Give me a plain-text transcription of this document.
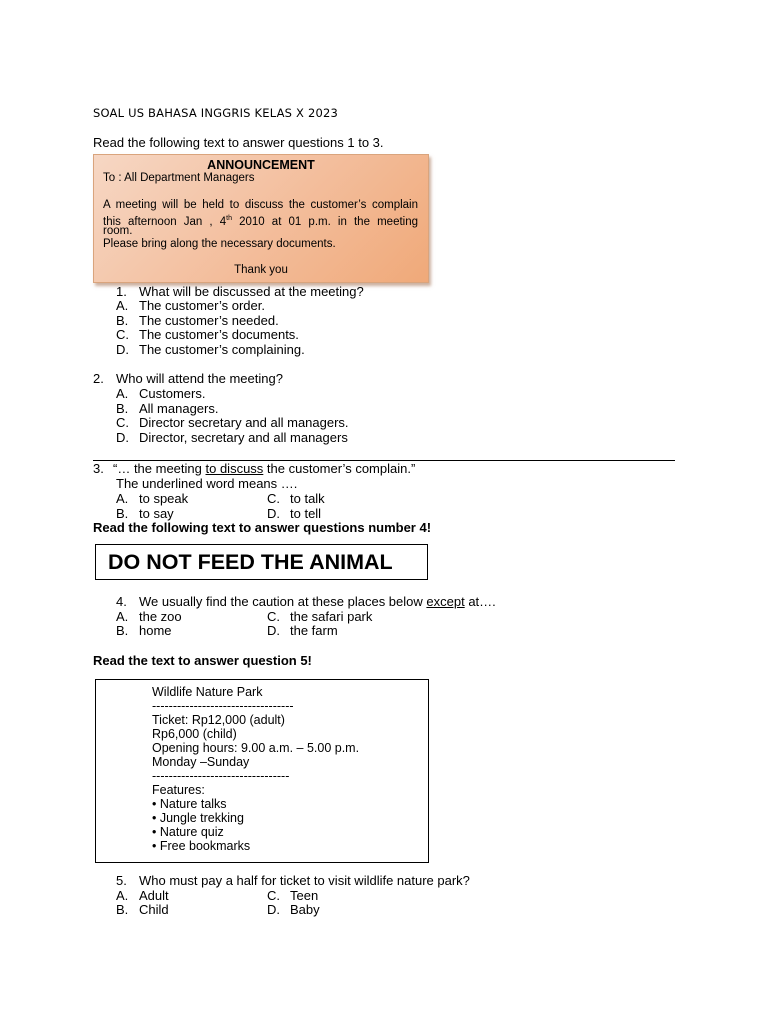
SOAL US BAHASA INGGRIS KELAS X 2023
Read the following text to answer questions 1 to 3.
ANNOUNCEMENT
To : All Department Managers
A meeting will be held to discuss the customer’s complain
this afternoon Jan , 4th 2010 at 01 p.m. in the meeting
room.
Please bring along the necessary documents.
Thank you
1. What will be discussed at the meeting?
A. The customer’s order.
B. The customer’s needed.
C. The customer’s documents.
D. The customer’s complaining.
2. Who will attend the meeting?
A. Customers.
B. All managers.
C. Director secretary and all managers.
D. Director, secretary and all managers
3. “… the meeting to discuss the customer’s complain.”
The underlined word means ….
A. to speak	C. to talk
B. to say	D. to tell
Read the following text to answer questions number 4!
DO NOT FEED THE ANIMAL
4. We usually find the caution at these places below except at….
A. the zoo	C. the safari park
B. home	D. the farm
Read the text to answer question 5!
Wildlife Nature Park
----------------------------------
Ticket: Rp12,000 (adult)
Rp6,000 (child)
Opening hours: 9.00 a.m. – 5.00 p.m.
Monday –Sunday
---------------------------------
Features:
• Nature talks
• Jungle trekking
• Nature quiz
• Free bookmarks
5. Who must pay a half for ticket to visit wildlife nature park?
A. Adult	C. Teen
B. Child	D. Baby
